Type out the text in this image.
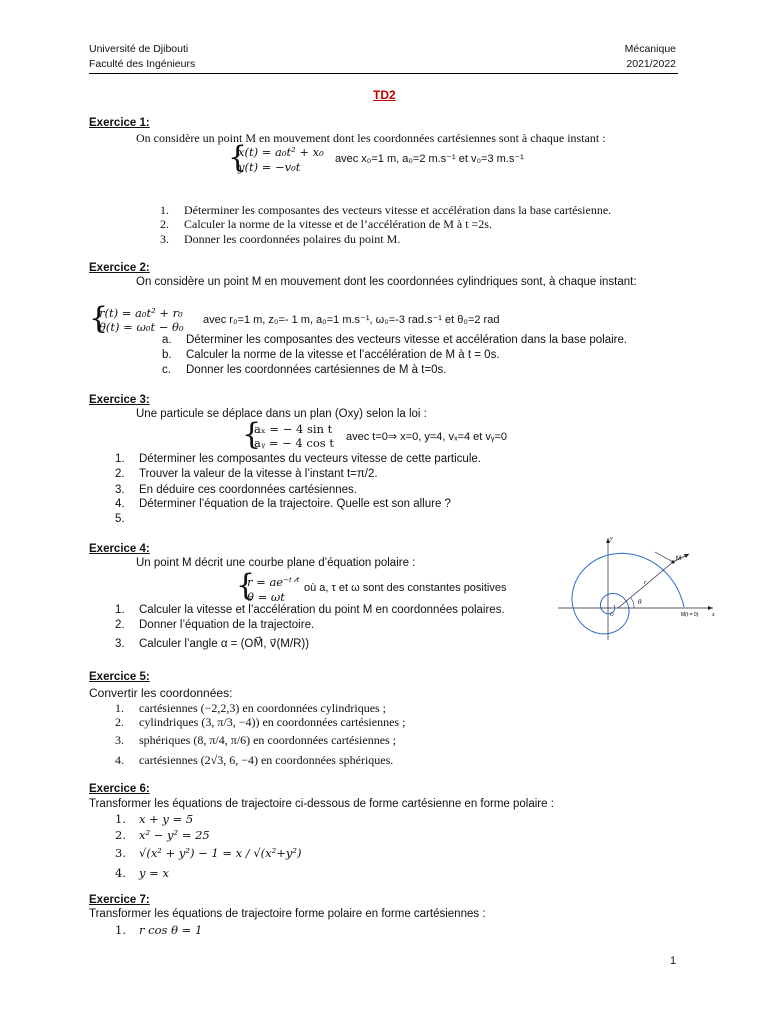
Université de Djibouti
Faculté des Ingénieurs
Mécanique
2021/2022
TD2
Exercice 1:
On considère un point M en mouvement dont les coordonnées cartésiennes sont à chaque instant :
{
x(t) = a₀t² + x₀
y(t) = −v₀t
avec x₀=1 m, a₀=2 m.s⁻¹ et v₀=3 m.s⁻¹
1. Déterminer les composantes des vecteurs vitesse et accélération dans la base cartésienne.
2. Calculer la norme de la vitesse et de l’accélération de M à t =2s.
3. Donner les coordonnées polaires du point M.
Exercice 2:
On considère un point M en mouvement dont les coordonnées cylindriques sont, à chaque instant:
{
r(t) = a₀t² + r₀
θ(t) = ω₀t − θ₀ avec r₀=1 m, z₀=- 1 m, a₀=1 m.s⁻¹, ω₀=-3 rad.s⁻¹ et θ₀=2 rad
a. Déterminer les composantes des vecteurs vitesse et accélération dans la base polaire.
b. Calculer la norme de la vitesse et l’accélération de M à t = 0s.
c. Donner les coordonnées cartésiennes de M à t=0s.
Exercice 3:
Une particule se déplace dans un plan (Oxy) selon la loi :
{
aₓ = − 4 sin t
aᵧ = − 4 cos t avec t=0⇒ x=0, y=4, vₓ=4 et vᵧ=0
1. Déterminer les composantes du vecteurs vitesse de cette particule.
2. Trouver la valeur de la vitesse à l’instant t=π/2.
3. En déduire ces coordonnées cartésiennes.
4. Déterminer l’équation de la trajectoire. Quelle est son allure ?
5.
Exercice 4:
Un point M décrit une courbe plane d’équation polaire :
{
r = ae⁻ᵗᐟᵗ
θ = ωt
où a, τ et ω sont des constantes positives
1. Calculer la vitesse et l’accélération du point M en coordonnées polaires.
2. Donner l’équation de la trajectoire.
3. Calculer l’angle α = (OM⃗, v⃗(M/R))
M
r
θ
M(t = 0) x
y
O
Exercice 5:
Convertir les coordonnées:
1. cartésiennes (−2,2,3) en coordonnées cylindriques ;
2. cylindriques (3, π/3, −4)) en coordonnées cartésiennes ;
3. sphériques (8, π/4, π/6) en coordonnées cartésiennes ;
4. cartésiennes (2√3, 6, −4) en coordonnées sphériques.
Exercice 6:
Transformer les équations de trajectoire ci-dessous de forme cartésienne en forme polaire :
1. x + y = 5
2. x² − y² = 25
3. √(x² + y²) − 1 = x / √(x²+y²)
4. y = x
Exercice 7:
Transformer les équations de trajectoire forme polaire en forme cartésiennes :
1. r cos θ = 1
1
